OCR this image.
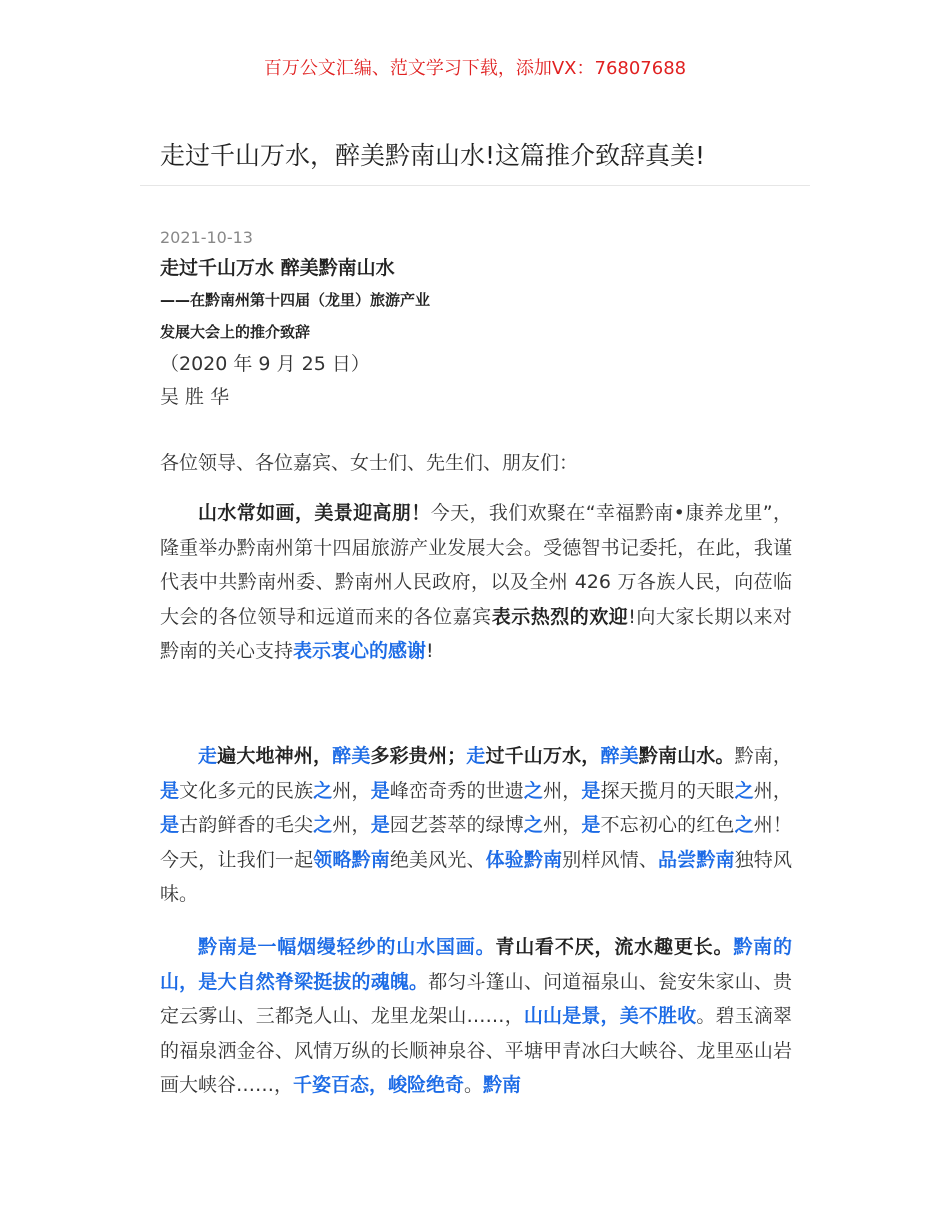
百万公文汇编、范文学习下载，添加VX：76807688
走过千山万水，醉美黔南山水!这篇推介致辞真美!
2021-10-13
走过千山万水 醉美黔南山水
——在黔南州第十四届（龙里）旅游产业
发展大会上的推介致辞
（2020 年 9 月 25 日）
吴 胜 华
各位领导、各位嘉宾、女士们、先生们、朋友们：
山水常如画，美景迎高朋！今天，我们欢聚在“幸福黔南•康养龙里”，隆重举办黔南州第十四届旅游产业发展大会。受德智书记委托，在此，我谨代表中共黔南州委、黔南州人民政府，以及全州 426 万各族人民，向莅临大会的各位领导和远道而来的各位嘉宾表示热烈的欢迎!向大家长期以来对黔南的关心支持表示衷心的感谢!
走遍大地神州，醉美多彩贵州；走过千山万水，醉美黔南山水。黔南，是文化多元的民族之州，是峰峦奇秀的世遗之州，是探天揽月的天眼之州，是古韵鲜香的毛尖之州，是园艺荟萃的绿博之州，是不忘初心的红色之州！今天，让我们一起领略黔南绝美风光、体验黔南别样风情、品尝黔南独特风味。
黔南是一幅烟缦轻纱的山水国画。青山看不厌，流水趣更长。黔南的山，是大自然脊梁挺拔的魂魄。都匀斗篷山、问道福泉山、瓮安朱家山、贵定云雾山、三都尧人山、龙里龙架山……，山山是景，美不胜收。碧玉滴翠的福泉洒金谷、风情万纵的长顺神泉谷、平塘甲青冰臼大峡谷、龙里巫山岩画大峡谷……，千姿百态，峻险绝奇。黔南
